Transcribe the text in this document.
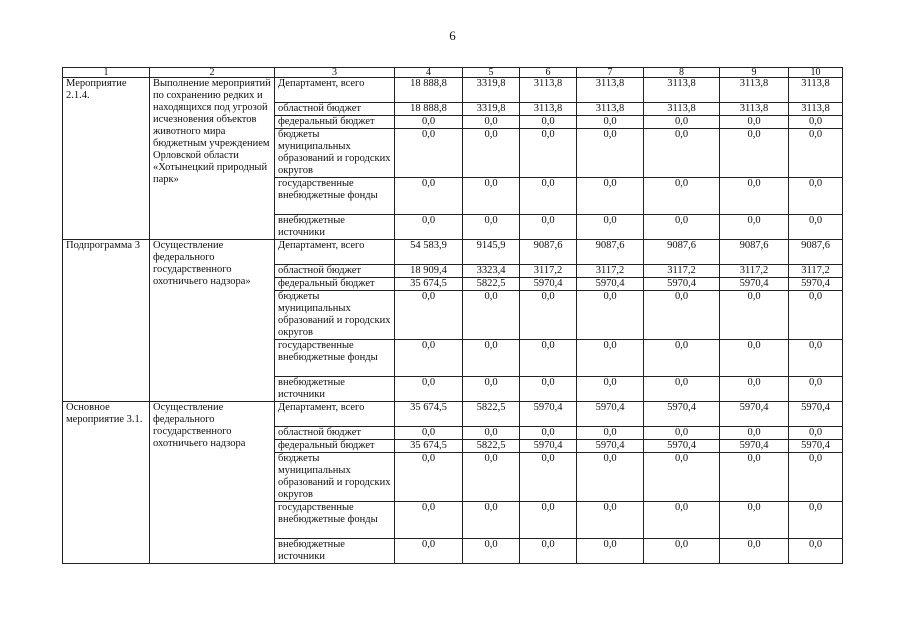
6
1	2	3	4	5	6	7	8	9	10
Мероприятие 2.1.4.	Выполнение мероприятий по сохранению редких и находящихся под угрозой исчезновения объектов животного мира бюджетным учреждением Орловской области «Хотынецкий природный парк»	Департамент, всего	18 888,8	3319,8	3113,8	3113,8	3113,8	3113,8	3113,8
		областной бюджет	18 888,8	3319,8	3113,8	3113,8	3113,8	3113,8	3113,8
		федеральный бюджет	0,0	0,0	0,0	0,0	0,0	0,0	0,0
		бюджеты муниципальных образований и городских округов	0,0	0,0	0,0	0,0	0,0	0,0	0,0
		государственные внебюджетные фонды	0,0	0,0	0,0	0,0	0,0	0,0	0,0
		внебюджетные источники	0,0	0,0	0,0	0,0	0,0	0,0	0,0
Подпрограмма 3	Осуществление федерального государственного охотничьего надзора»	Департамент, всего	54 583,9	9145,9	9087,6	9087,6	9087,6	9087,6	9087,6
		областной бюджет	18 909,4	3323,4	3117,2	3117,2	3117,2	3117,2	3117,2
		федеральный бюджет	35 674,5	5822,5	5970,4	5970,4	5970,4	5970,4	5970,4
		бюджеты муниципальных образований и городских округов	0,0	0,0	0,0	0,0	0,0	0,0	0,0
		государственные внебюджетные фонды	0,0	0,0	0,0	0,0	0,0	0,0	0,0
		внебюджетные источники	0,0	0,0	0,0	0,0	0,0	0,0	0,0
Основное мероприятие 3.1.	Осуществление федерального государственного охотничьего надзора	Департамент, всего	35 674,5	5822,5	5970,4	5970,4	5970,4	5970,4	5970,4
		областной бюджет	0,0	0,0	0,0	0,0	0,0	0,0	0,0
		федеральный бюджет	35 674,5	5822,5	5970,4	5970,4	5970,4	5970,4	5970,4
		бюджеты муниципальных образований и городских округов	0,0	0,0	0,0	0,0	0,0	0,0	0,0
		государственные внебюджетные фонды	0,0	0,0	0,0	0,0	0,0	0,0	0,0
		внебюджетные источники	0,0	0,0	0,0	0,0	0,0	0,0	0,0
